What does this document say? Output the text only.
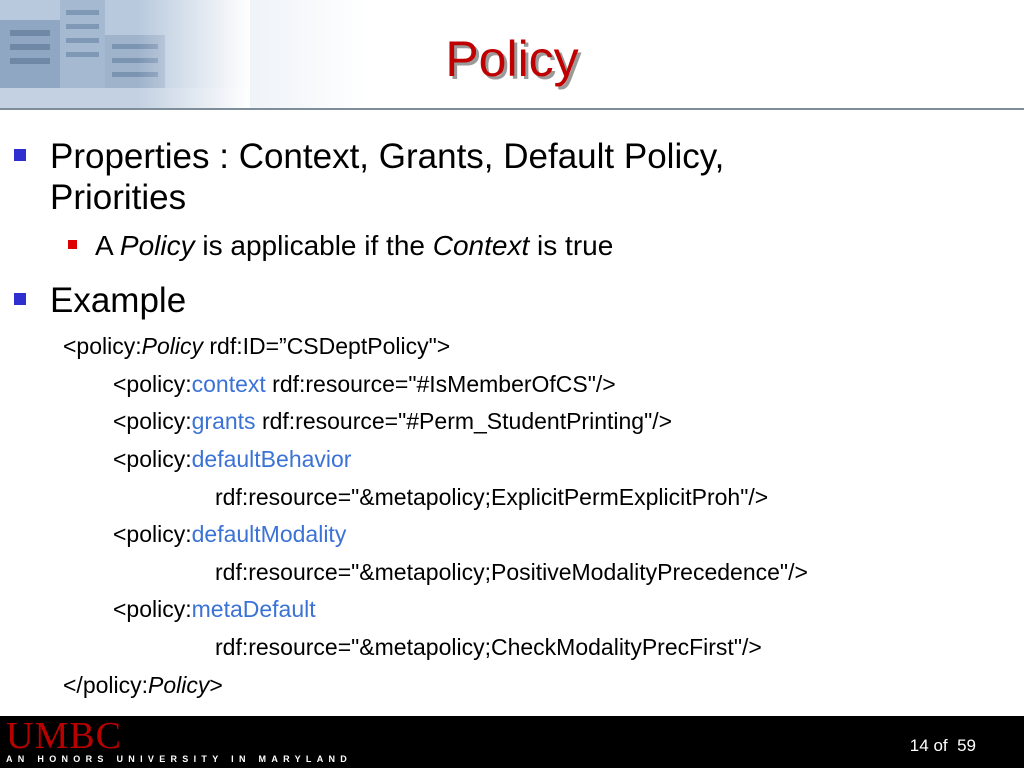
Policy
Properties : Context, Grants, Default Policy,
Priorities
A Policy is applicable if the Context is true
Example
<policy:Policy rdf:ID=”CSDeptPolicy">
<policy:context rdf:resource="#IsMemberOfCS"/>
<policy:grants rdf:resource="#Perm_StudentPrinting"/>
<policy:defaultBehavior
rdf:resource="&metapolicy;ExplicitPermExplicitProh"/>
<policy:defaultModality
rdf:resource="&metapolicy;PositiveModalityPrecedence"/>
<policy:metaDefault
rdf:resource="&metapolicy;CheckModalityPrecFirst"/>
</policy:Policy>
UMBC
AN HONORS UNIVERSITY IN MARYLAND
14 of 59
